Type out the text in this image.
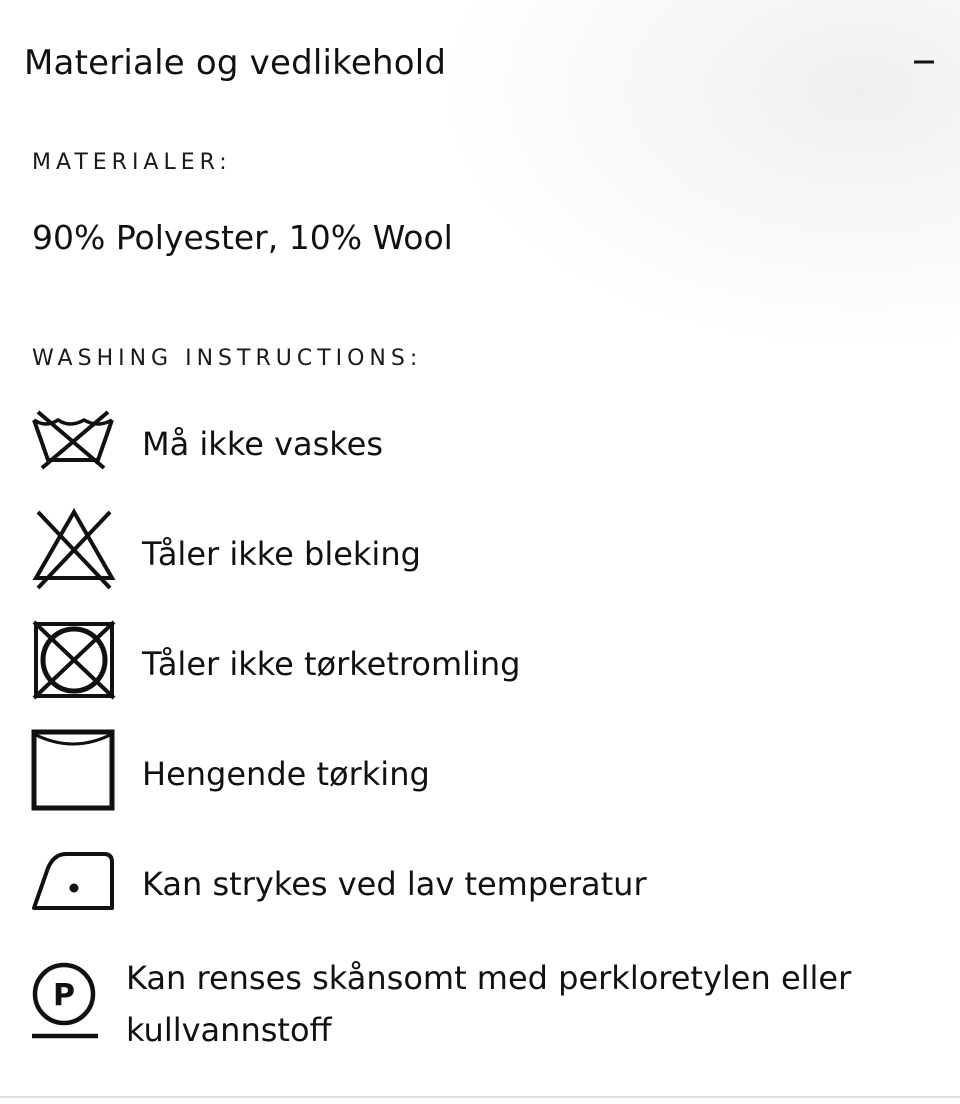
Materiale og vedlikehold
MATERIALER:
90% Polyester, 10% Wool
WASHING INSTRUCTIONS:
Må ikke vaskes
Tåler ikke bleking
Tåler ikke tørketromling
Hengende tørking
Kan strykes ved lav temperatur
P Kan renses skånsomt med perkloretylen eller kullvannstoff
